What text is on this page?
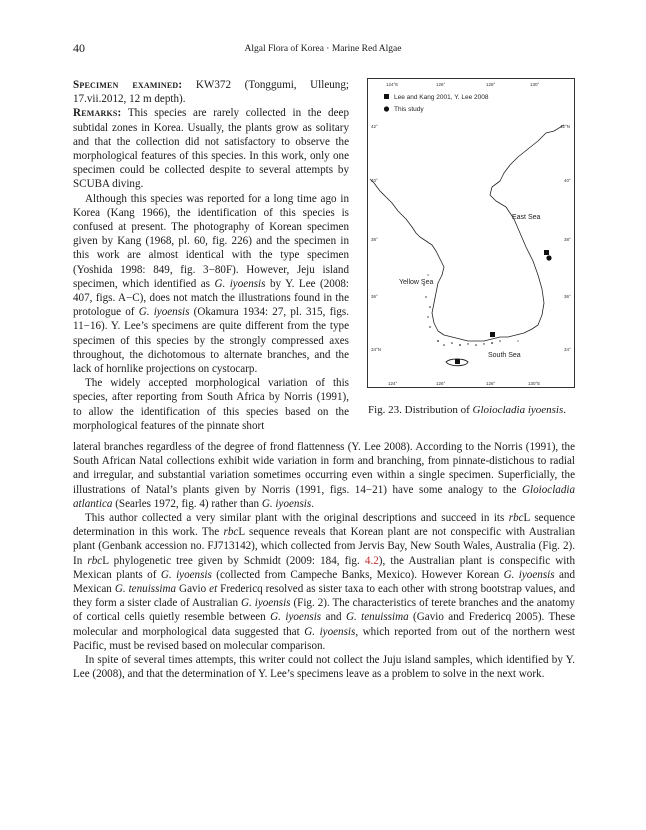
40	Algal Flora of Korea · Marine Red Algae

Specimen examined: KW372 (Tonggumi, Ulleung; 17.vii.2012, 12 m depth).

Remarks: This species are rarely collected in the deep subtidal zones in Korea. Usually, the plants grow as solitary and that the collection did not satisfactory to observe the morphological features of this species. In this work, only one specimen could be collected despite to several attempts by SCUBA diving.

Although this species was reported for a long time ago in Korea (Kang 1966), the identification of this species is confused at present. The photography of Korean specimen given by Kang (1968, pl. 60, fig. 226) and the specimen in this work are almost identical with the type specimen (Yoshida 1998: 849, fig. 3−80F). However, Jeju island specimen, which identified as G. iyoensis by Y. Lee (2008: 407, figs. A−C), does not match the illustrations found in the protologue of G. iyoensis (Okamura 1934: 27, pl. 315, figs. 11−16). Y. Lee’s specimens are quite different from the type specimen of this species by the strongly compressed axes throughout, the dichotomous to alternate branches, and the lack of hornlike projections on cystocarp.

The widely accepted morphological variation of this species, after reporting from South Africa by Norris (1991), to allow the identification of this species based on the morphological features of the pinnate short

lateral branches regardless of the degree of frond flattenness (Y. Lee 2008). According to the Norris (1991), the South African Natal collections exhibit wide variation in form and branching, from pinnate-distichous to radial and irregular, and substantial variation sometimes occurring even within a single specimen. Superficially, the illustrations of Natal’s plants given by Norris (1991, figs. 14−21) have some analogy to the Gloiocladia atlantica (Searles 1972, fig. 4) rather than G. iyoensis.

This author collected a very similar plant with the original descriptions and succeed in its rbcL sequence determination in this work. The rbcL sequence reveals that Korean plant are not conspecific with Australian plant (Genbank accession no. FJ713142), which collected from Jervis Bay, New South Wales, Australia (Fig. 2). In rbcL phylogenetic tree given by Schmidt (2009: 184, fig. 4.2), the Australian plant is conspecific with Mexican plants of G. iyoensis (collected from Campeche Banks, Mexico). However Korean G. iyoensis and Mexican G. tenuissima Gavio et Fredericq resolved as sister taxa to each other with strong bootstrap values, and they form a sister clade of Australian G. iyoensis (Fig. 2). The characteristics of terete branches and the anatomy of cortical cells quietly resemble between G. iyoensis and G. tenuissima (Gavio and Fredericq 2005). These molecular and morphological data suggested that G. iyoensis, which reported from out of the northern west Pacific, must be revised based on molecular comparison.

In spite of several times attempts, this writer could not collect the Juju island samples, which identified by Y. Lee (2008), and that the determination of Y. Lee’s specimens leave as a problem to solve in the next work.

124°E	126°	128°	130°
124°	126°	128°	130°E
42°
40°
38°
36°
34°N
42°N
40°
38°
36°
34°
East Sea
Yellow Sea
South Sea
Lee and Kang 2001, Y. Lee 2008
This study
Fig. 23. Distribution of Gloiocladia iyoensis.
